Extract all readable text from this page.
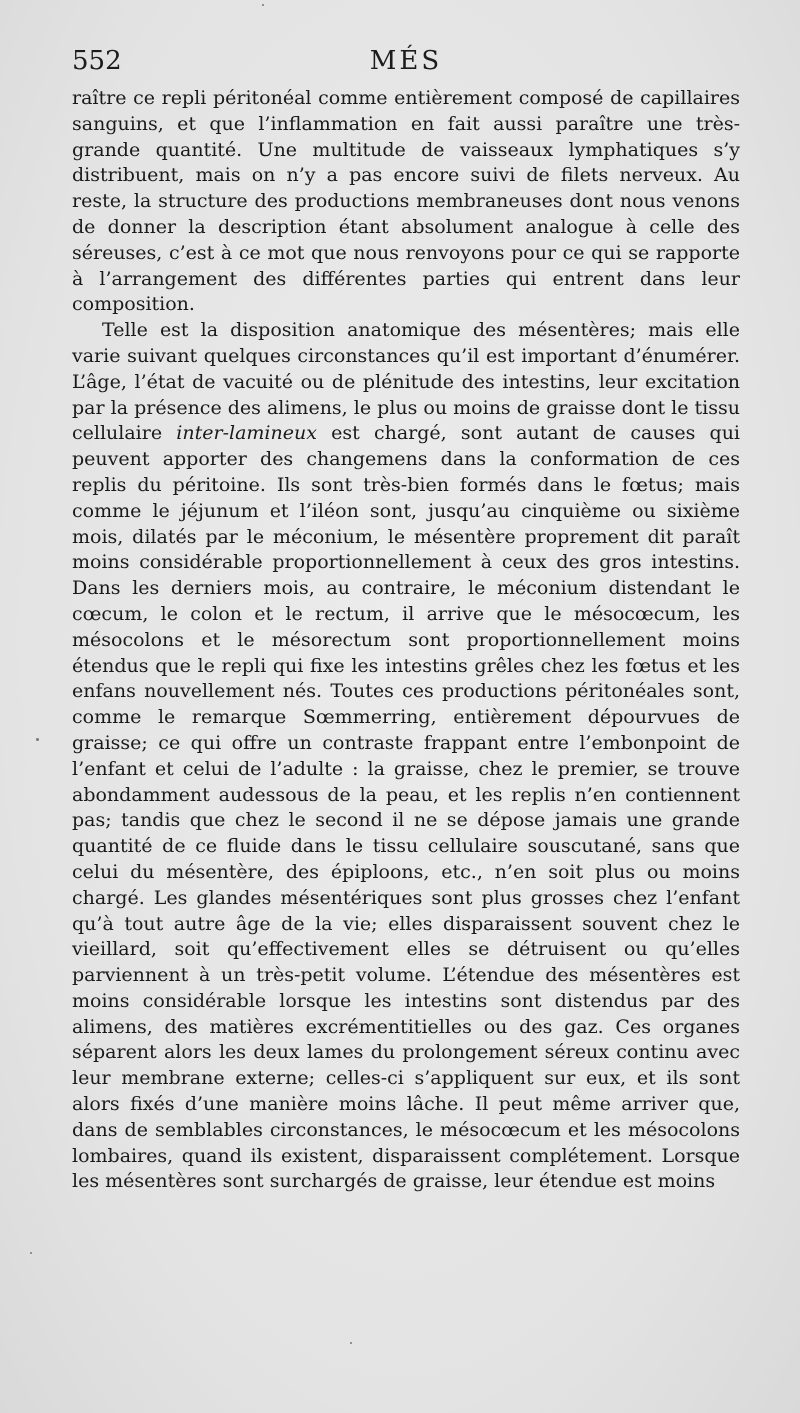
552	MÉS

raître ce repli péritonéal comme entièrement composé de capillaires sanguins, et que l’inflammation en fait aussi paraître une très-grande quantité. Une multitude de vaisseaux lymphatiques s’y distribuent, mais on n’y a pas encore suivi de filets nerveux. Au reste, la structure des productions membraneuses dont nous venons de donner la description étant absolument analogue à celle des séreuses, c’est à ce mot que nous renvoyons pour ce qui se rapporte à l’arrangement des différentes parties qui entrent dans leur composition.

Telle est la disposition anatomique des mésentères; mais elle varie suivant quelques circonstances qu’il est important d’énumérer. L’âge, l’état de vacuité ou de plénitude des intestins, leur excitation par la présence des alimens, le plus ou moins de graisse dont le tissu cellulaire inter-lamineux est chargé, sont autant de causes qui peuvent apporter des changemens dans la conformation de ces replis du péritoine. Ils sont très-bien formés dans le fœtus; mais comme le jéjunum et l’iléon sont, jusqu’au cinquième ou sixième mois, dilatés par le méconium, le mésentère proprement dit paraît moins considérable proportionnellement à ceux des gros intestins. Dans les derniers mois, au contraire, le méconium distendant le cœcum, le colon et le rectum, il arrive que le mésocœcum, les mésocolons et le mésorectum sont proportionnellement moins étendus que le repli qui fixe les intestins grêles chez les fœtus et les enfans nouvellement nés. Toutes ces productions péritonéales sont, comme le remarque Sœmmerring, entièrement dépourvues de graisse; ce qui offre un contraste frappant entre l’embonpoint de l’enfant et celui de l’adulte : la graisse, chez le premier, se trouve abondamment audessous de la peau, et les replis n’en contiennent pas; tandis que chez le second il ne se dépose jamais une grande quantité de ce fluide dans le tissu cellulaire souscutané, sans que celui du mésentère, des épiploons, etc., n’en soit plus ou moins chargé. Les glandes mésentériques sont plus grosses chez l’enfant qu’à tout autre âge de la vie; elles disparaissent souvent chez le vieillard, soit qu’effectivement elles se détruisent ou qu’elles parviennent à un très-petit volume. L’étendue des mésentères est moins considérable lorsque les intestins sont distendus par des alimens, des matières excrémentitielles ou des gaz. Ces organes séparent alors les deux lames du prolongement séreux continu avec leur membrane externe; celles-ci s’appliquent sur eux, et ils sont alors fixés d’une manière moins lâche. Il peut même arriver que, dans de semblables circonstances, le mésocœcum et les mésocolons lombaires, quand ils existent, disparaissent complétement. Lorsque les mésentères sont surchargés de graisse, leur étendue est moins
